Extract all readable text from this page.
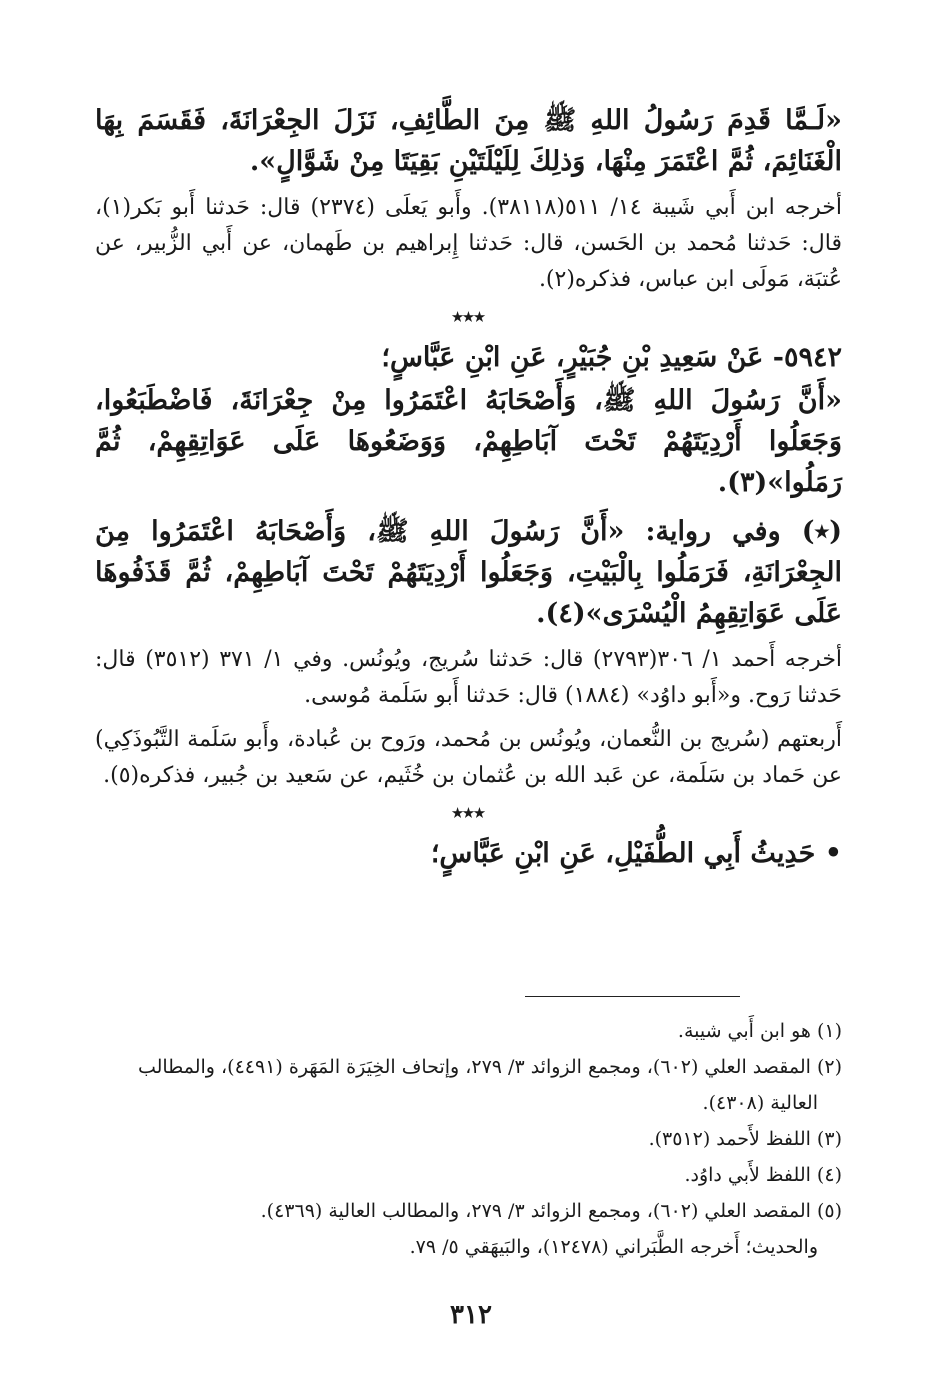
«لَـمَّا قَدِمَ رَسُولُ اللهِ ﷺ مِنَ الطَّائِفِ، نَزَلَ الجِعْرَانَةَ، فَقَسَمَ بِهَا الْغَنَائِمَ، ثُمَّ اعْتَمَرَ مِنْهَا، وَذلِكَ لِلَيْلَتَيْنِ بَقِيَتَا مِنْ شَوَّالٍ».

أخرجه ابن أَبي شَيبة ١٤/ ٥١١(٣٨١١٨). وأَبو يَعلَى (٢٣٧٤) قال: حَدثنا أَبو بَكر(١)، قال: حَدثنا مُحمد بن الحَسن، قال: حَدثنا إِبراهيم بن طَهمان، عن أَبي الزُّبير، عن عُتبَة، مَولَى ابن عباس، فذكره(٢).

٭٭٭

٥٩٤٢- عَنْ سَعِيدِ بْنِ جُبَيْرٍ، عَنِ ابْنِ عَبَّاسٍ؛

«أَنَّ رَسُولَ اللهِ ﷺ، وَأَصْحَابَهُ اعْتَمَرُوا مِنْ جِعْرَانَةَ، فَاضْطَبَعُوا، وَجَعَلُوا أَرْدِيَتَهُمْ تَحْتَ آبَاطِهِمْ، وَوَضَعُوهَا عَلَى عَوَاتِقِهِمْ، ثُمَّ رَمَلُوا»(٣).

(٭) وفي رواية: «أَنَّ رَسُولَ اللهِ ﷺ، وَأَصْحَابَهُ اعْتَمَرُوا مِنَ الجِعْرَانَةِ، فَرَمَلُوا بِالْبَيْتِ، وَجَعَلُوا أَرْدِيَتَهُمْ تَحْتَ آبَاطِهِمْ، ثُمَّ قَذَفُوهَا عَلَى عَوَاتِقِهِمُ الْيُسْرَى»(٤).

أخرجه أَحمد ١/ ٣٠٦(٢٧٩٣) قال: حَدثنا سُريج، ويُونُس. وفي ١/ ٣٧١ (٣٥١٢) قال: حَدثنا رَوح. و«أَبو داوُد» (١٨٨٤) قال: حَدثنا أَبو سَلَمة مُوسى.

أَربعتهم (سُريج بن النُّعمان، ويُونُس بن مُحمد، ورَوح بن عُبادة، وأَبو سَلَمة التَّبُوذَكِي) عن حَماد بن سَلَمة، عن عَبد الله بن عُثمان بن خُثَيم، عن سَعيد بن جُبير، فذكره(٥).

٭٭٭

• حَدِيثُ أَبِي الطُّفَيْلِ، عَنِ ابْنِ عَبَّاسٍ؛

(١) هو ابن أَبي شيبة.

(٢) المقصد العلي (٦٠٢)، ومجمع الزوائد ٣/ ٢٧٩، وإتحاف الخِيَرَة المَهَرة (٤٤٩١)، والمطالب

العالية (٤٣٠٨).

(٣) اللفظ لأَحمد (٣٥١٢).

(٤) اللفظ لأَبي داوُد.

(٥) المقصد العلي (٦٠٢)، ومجمع الزوائد ٣/ ٢٧٩، والمطالب العالية (٤٣٦٩).

والحديث؛ أَخرجه الطَّبَراني (١٢٤٧٨)، والبَيهَقي ٥/ ٧٩.

٣١٢
